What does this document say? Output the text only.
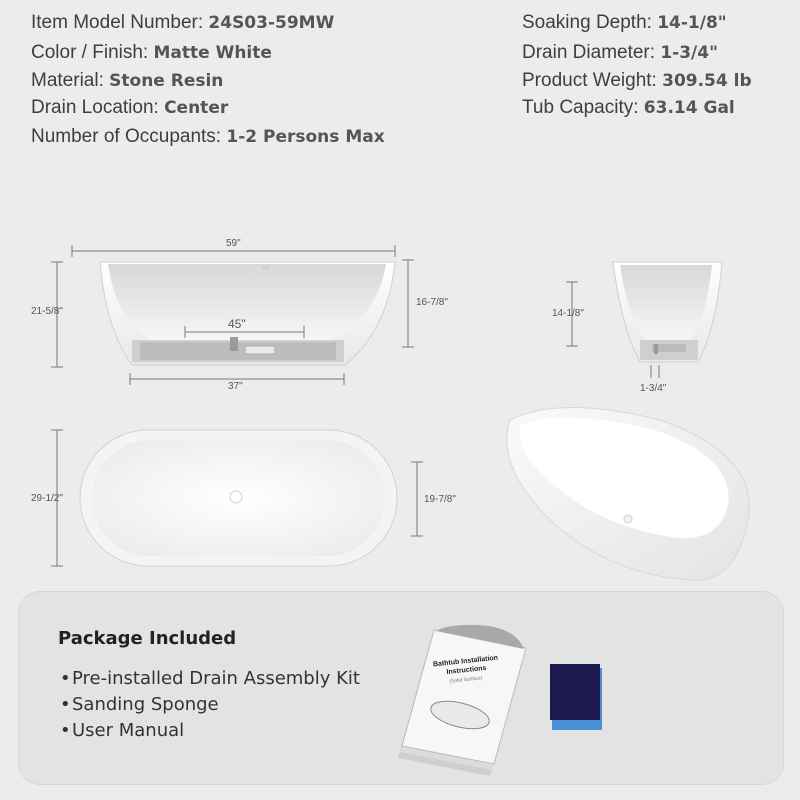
Item Model Number: 24S03-59MW
Color / Finish: Matte White
Material: Stone Resin
Drain Location: Center
Number of Occupants: 1-2 Persons Max
Soaking Depth: 14-1/8"
Drain Diameter: 1-3/4"
Product Weight: 309.54 lb
Tub Capacity: 63.14 Gal
59"
21-5/8"
45"
16-7/8"
37"
14-1/8"
1-3/4"
29-1/2"	19-7/8"
Package Included
•Pre-installed Drain Assembly Kit
•Sanding Sponge
•User Manual
Bathtub Installation Instructions
(Solid Surface)
